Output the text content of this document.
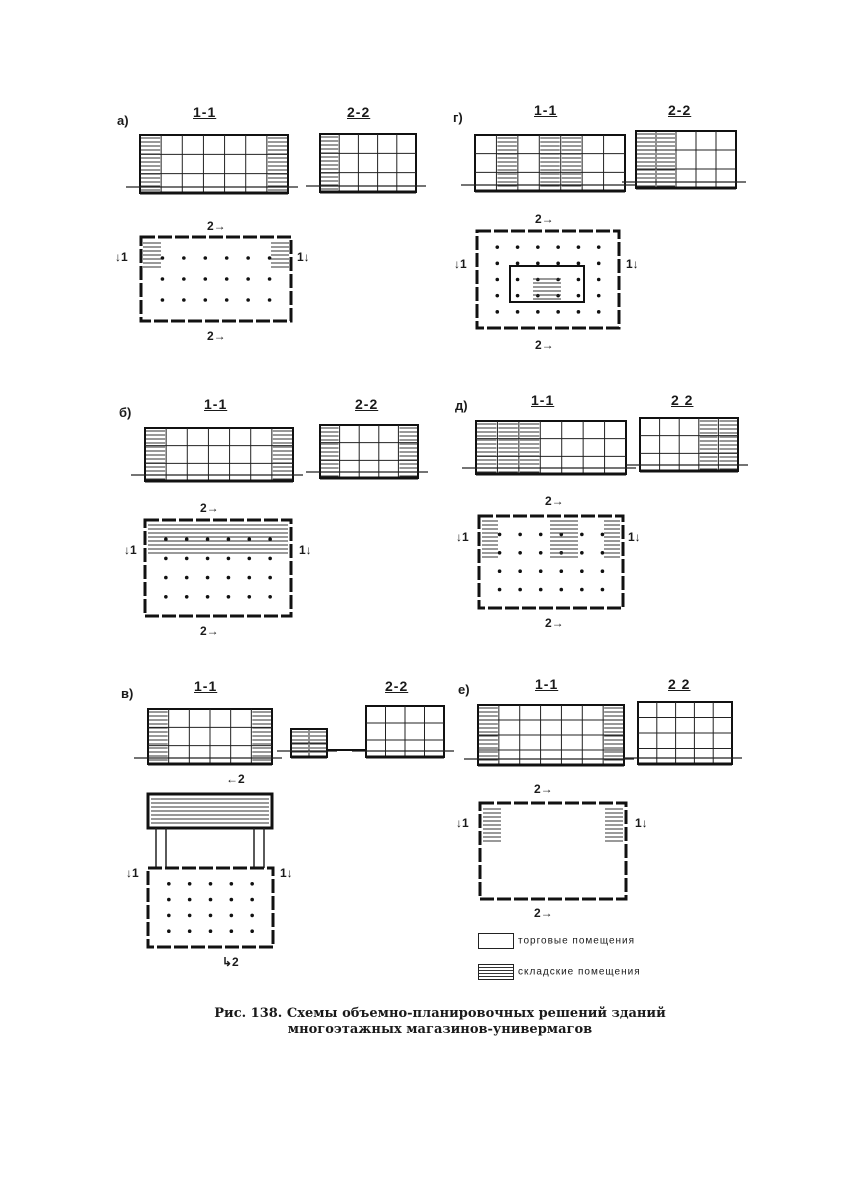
а)
1-1	2-2
2→
2→
↓1	1↓
б)
1-1	2-2
2→
2→
↓1	1↓
в)	1-1	2-2
←2
↳2
↓1	1↓
г)	1-1	2-2
2→
2→
↓1	1↓
д)	1-1	2 2
2→
2→
↓1	1↓
е)	1-1	2 2
2→
2→
↓1	1↓
торговые помещения
складские помещения
Рис. 138. Схемы объемно-планировочных решений зданий
многоэтажных магазинов-универмагов
